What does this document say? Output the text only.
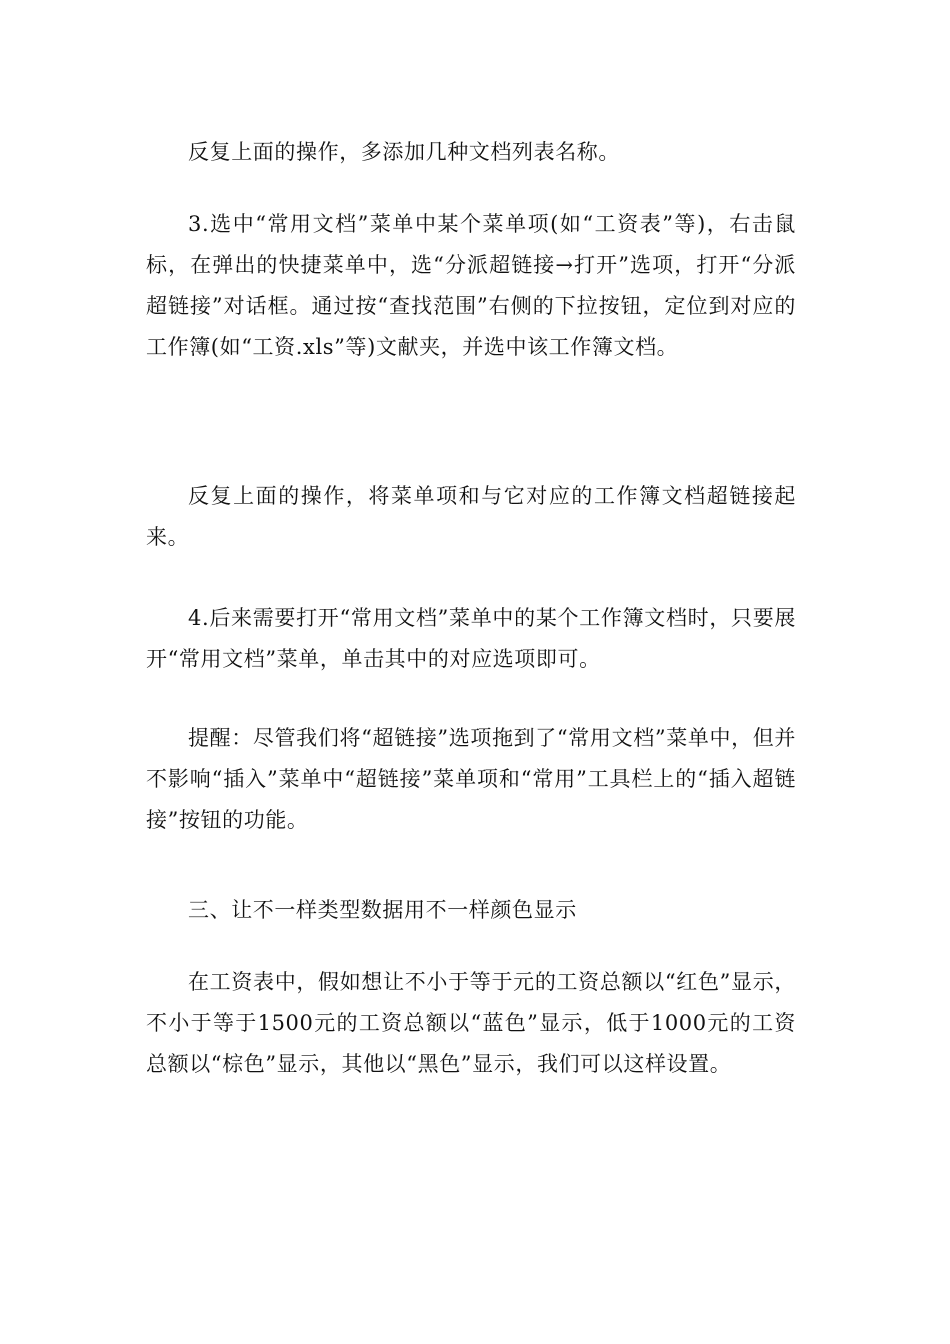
反复上面的操作，多添加几种文档列表名称。

3.选中“常用文档”菜单中某个菜单项(如“工资表”等)，右击鼠标，在弹出的快捷菜单中，选“分派超链接→打开”选项，打开“分派超链接”对话框。通过按“查找范围”右侧的下拉按钮，定位到对应的工作簿(如“工资.xls”等)文献夹，并选中该工作簿文档。

反复上面的操作，将菜单项和与它对应的工作簿文档超链接起来。

4.后来需要打开“常用文档”菜单中的某个工作簿文档时，只要展开“常用文档”菜单，单击其中的对应选项即可。

提醒：尽管我们将“超链接”选项拖到了“常用文档”菜单中，但并不影响“插入”菜单中“超链接”菜单项和“常用”工具栏上的“插入超链接”按钮的功能。

三、让不一样类型数据用不一样颜色显示

在工资表中，假如想让不小于等于元的工资总额以“红色”显示，不小于等于1500元的工资总额以“蓝色”显示，低于1000元的工资总额以“棕色”显示，其他以“黑色”显示，我们可以这样设置。
